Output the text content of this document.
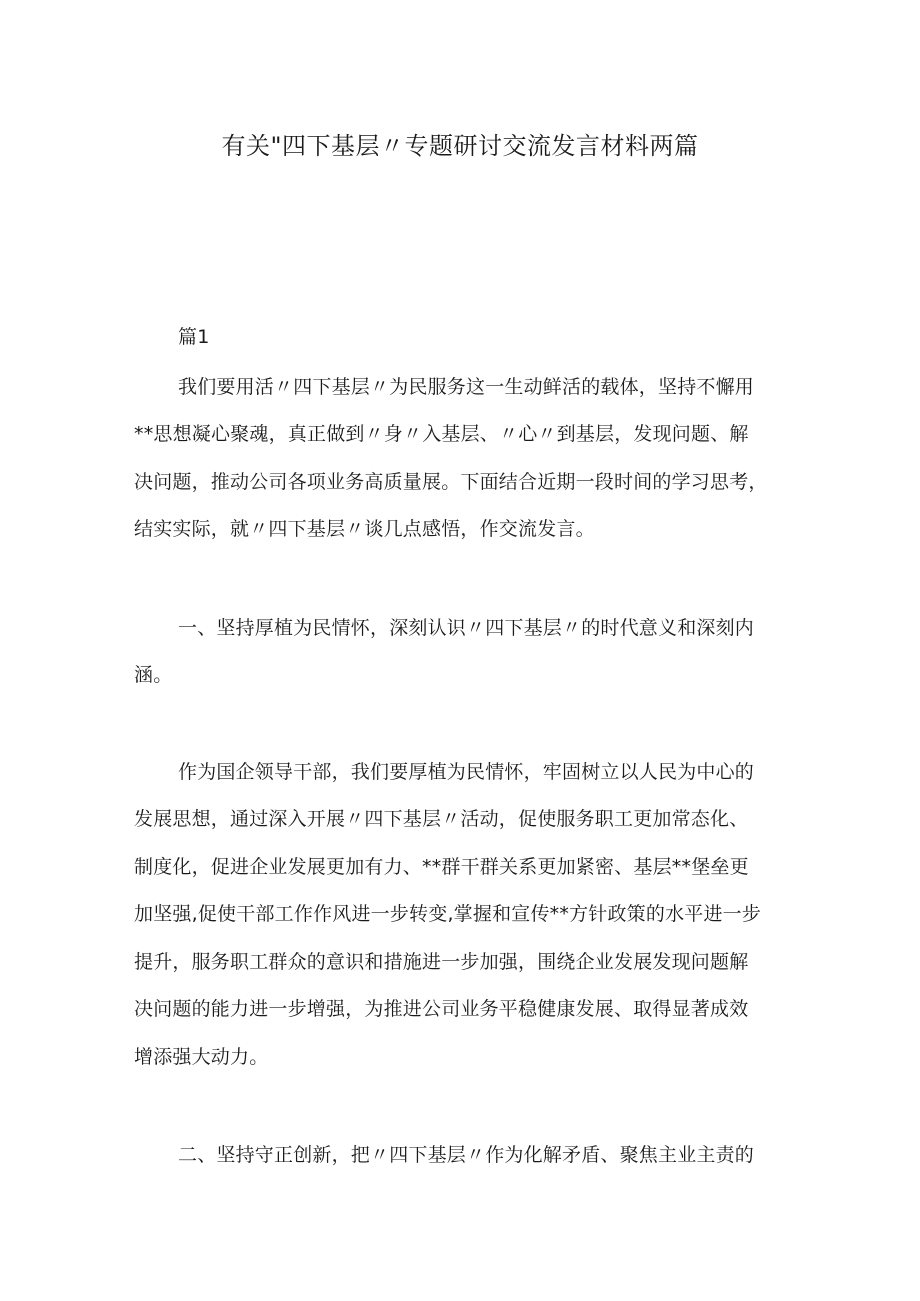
有关"四下基层〃专题研讨交流发言材料两篇

篇1

我们要用活〃四下基层〃为民服务这一生动鲜活的载体，坚持不懈用

**思想凝心聚魂，真正做到〃身〃入基层、〃心〃到基层，发现问题、解

决问题，推动公司各项业务高质量展。下面结合近期一段时间的学习思考，

结实实际，就〃四下基层〃谈几点感悟，作交流发言。

一、坚持厚植为民情怀，深刻认识〃四下基层〃的时代意义和深刻内

涵。

作为国企领导干部，我们要厚植为民情怀，牢固树立以人民为中心的

发展思想，通过深入开展〃四下基层〃活动，促使服务职工更加常态化、

制度化，促进企业发展更加有力、**群干群关系更加紧密、基层**堡垒更

加坚强,促使干部工作作风进一步转变,掌握和宣传**方针政策的水平进一步

提升，服务职工群众的意识和措施进一步加强，围绕企业发展发现问题解

决问题的能力进一步增强，为推进公司业务平稳健康发展、取得显著成效

增添强大动力。

二、坚持守正创新，把〃四下基层〃作为化解矛盾、聚焦主业主责的
